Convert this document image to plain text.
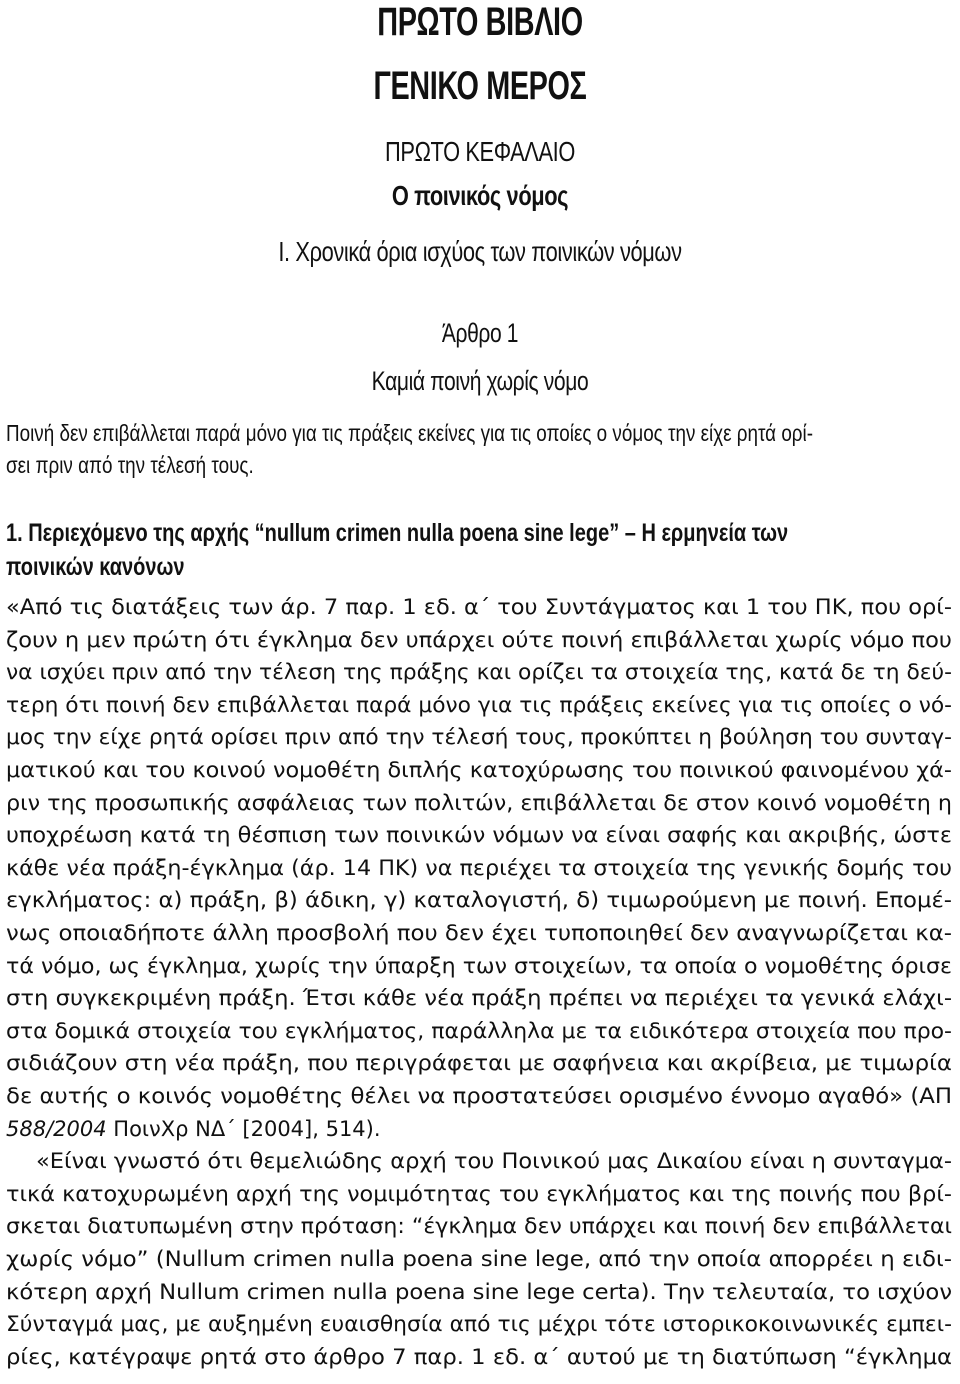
ΠΡΩΤΟ ΒΙΒΛΙΟ
ΓΕΝΙΚΟ ΜΕΡΟΣ
ΠΡΩΤΟ ΚΕΦΑΛΑΙΟ
Ο ποινικός νόμος
Ι. Χρονικά όρια ισχύος των ποινικών νόμων
Άρθρο 1
Καμιά ποινή χωρίς νόμο
Ποινή δεν επιβάλλεται παρά μόνο για τις πράξεις εκείνες για τις οποίες ο νόμος την είχε ρητά ορί-
σει πριν από την τέλεσή τους.
1. Περιεχόμενο της αρχής “nullum crimen nulla poena sine lege” – Η ερμηνεία των
ποινικών κανόνων
«Από τις διατάξεις των άρ. 7 παρ. 1 εδ. α΄ του Συντάγματος και 1 του ΠΚ, που ορί-
ζουν η μεν πρώτη ότι έγκλημα δεν υπάρχει ούτε ποινή επιβάλλεται χωρίς νόμο που
να ισχύει πριν από την τέλεση της πράξης και ορίζει τα στοιχεία της, κατά δε τη δεύ-
τερη ότι ποινή δεν επιβάλλεται παρά μόνο για τις πράξεις εκείνες για τις οποίες ο νό-
μος την είχε ρητά ορίσει πριν από την τέλεσή τους, προκύπτει η βούληση του συνταγ-
ματικού και του κοινού νομοθέτη διπλής κατοχύρωσης του ποινικού φαινομένου χά-
ριν της προσωπικής ασφάλειας των πολιτών, επιβάλλεται δε στον κοινό νομοθέτη η
υποχρέωση κατά τη θέσπιση των ποινικών νόμων να είναι σαφής και ακριβής, ώστε
κάθε νέα πράξη-έγκλημα (άρ. 14 ΠΚ) να περιέχει τα στοιχεία της γενικής δομής του
εγκλήματος: α) πράξη, β) άδικη, γ) καταλογιστή, δ) τιμωρούμενη με ποινή. Επομέ-
νως οποιαδήποτε άλλη προσβολή που δεν έχει τυποποιηθεί δεν αναγνωρίζεται κα-
τά νόμο, ως έγκλημα, χωρίς την ύπαρξη των στοιχείων, τα οποία ο νομοθέτης όρισε
στη συγκεκριμένη πράξη. Έτσι κάθε νέα πράξη πρέπει να περιέχει τα γενικά ελάχι-
στα δομικά στοιχεία του εγκλήματος, παράλληλα με τα ειδικότερα στοιχεία που προ-
σιδιάζουν στη νέα πράξη, που περιγράφεται με σαφήνεια και ακρίβεια, με τιμωρία
δε αυτής ο κοινός νομοθέτης θέλει να προστατεύσει ορισμένο έννομο αγαθό» (ΑΠ
588/2004 ΠοινΧρ ΝΔ΄ [2004], 514).
«Είναι γνωστό ότι θεμελιώδης αρχή του Ποινικού μας Δικαίου είναι η συνταγμα-
τικά κατοχυρωμένη αρχή της νομιμότητας του εγκλήματος και της ποινής που βρί-
σκεται διατυπωμένη στην πρόταση: “έγκλημα δεν υπάρχει και ποινή δεν επιβάλλεται
χωρίς νόμο” (Nullum crimen nulla poena sine lege, από την οποία απορρέει η ειδι-
κότερη αρχή Nullum crimen nulla poena sine lege certa). Την τελευταία, το ισχύον
Σύνταγμά μας, με αυξημένη ευαισθησία από τις μέχρι τότε ιστορικοκοινωνικές εμπει-
ρίες, κατέγραψε ρητά στο άρθρο 7 παρ. 1 εδ. α΄ αυτού με τη διατύπωση “έγκλημα
